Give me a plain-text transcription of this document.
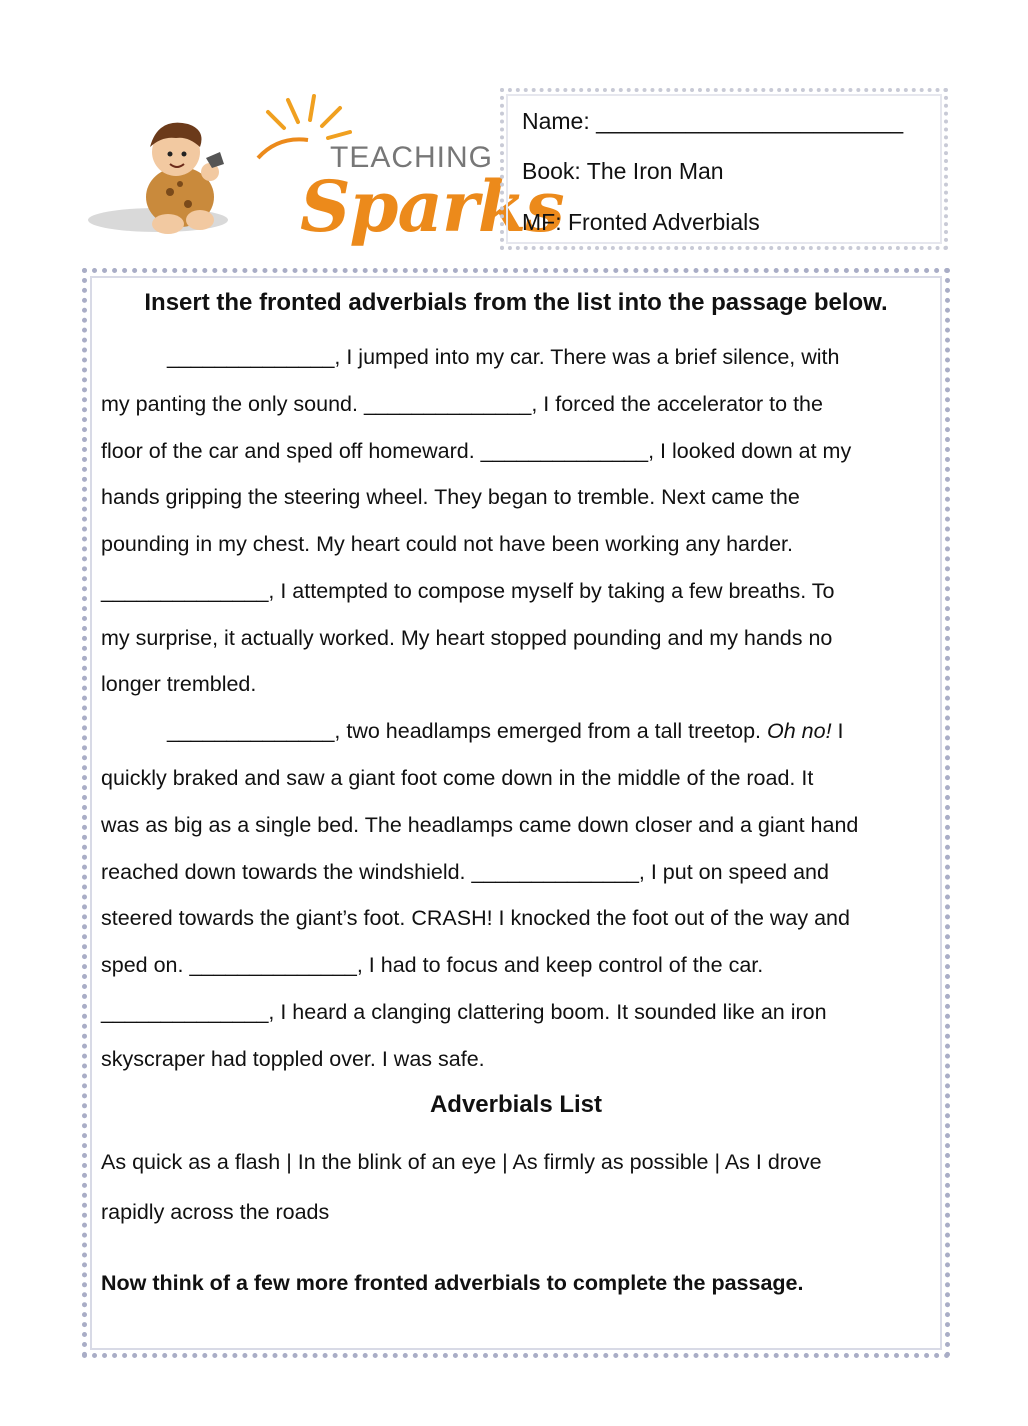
TEACHING
Sparks
Name: ________________________
Book: The Iron Man
MF: Fronted Adverbials
Insert the fronted adverbials from the list into the passage below.
______________, I jumped into my car. There was a brief silence, with
my panting the only sound. ______________, I forced the accelerator to the
floor of the car and sped off homeward. ______________, I looked down at my
hands gripping the steering wheel. They began to tremble. Next came the
pounding in my chest. My heart could not have been working any harder.
______________, I attempted to compose myself by taking a few breaths. To
my surprise, it actually worked. My heart stopped pounding and my hands no
longer trembled.
______________, two headlamps emerged from a tall treetop. Oh no! I
quickly braked and saw a giant foot come down in the middle of the road. It
was as big as a single bed. The headlamps came down closer and a giant hand
reached down towards the windshield. ______________, I put on speed and
steered towards the giant’s foot. CRASH! I knocked the foot out of the way and
sped on. ______________, I had to focus and keep control of the car.
______________, I heard a clanging clattering boom. It sounded like an iron
skyscraper had toppled over. I was safe.
Adverbials List
As quick as a flash | In the blink of an eye | As firmly as possible | As I drove
rapidly across the roads
Now think of a few more fronted adverbials to complete the passage.
